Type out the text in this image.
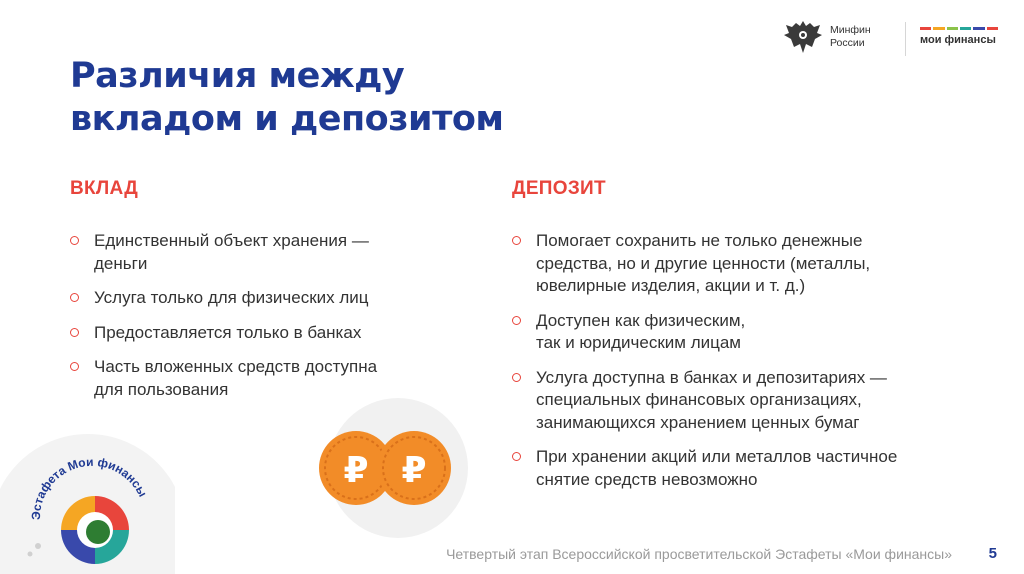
Минфин
России	мои финансы
Различия между
вкладом и депозитом
ВКЛАД
Единственный объект хранения —
деньги
Услуга только для физических лиц
Предоставляется только в банках
Часть вложенных средств доступна
для пользования
ДЕПОЗИТ
Помогает сохранить не только денежные
средства, но и другие ценности (металлы,
ювелирные изделия, акции и т. д.)
Доступен как физическим,
так и юридическим лицам
Услуга доступна в банках и депозитариях —
специальных финансовых организациях,
занимающихся хранением ценных бумаг
При хранении акций или металлов частичное
снятие средств невозможно
₽ ₽
Эстафета Мои финансы
Четвертый этап Всероссийской просветительской Эстафеты «Мои финансы» 5
